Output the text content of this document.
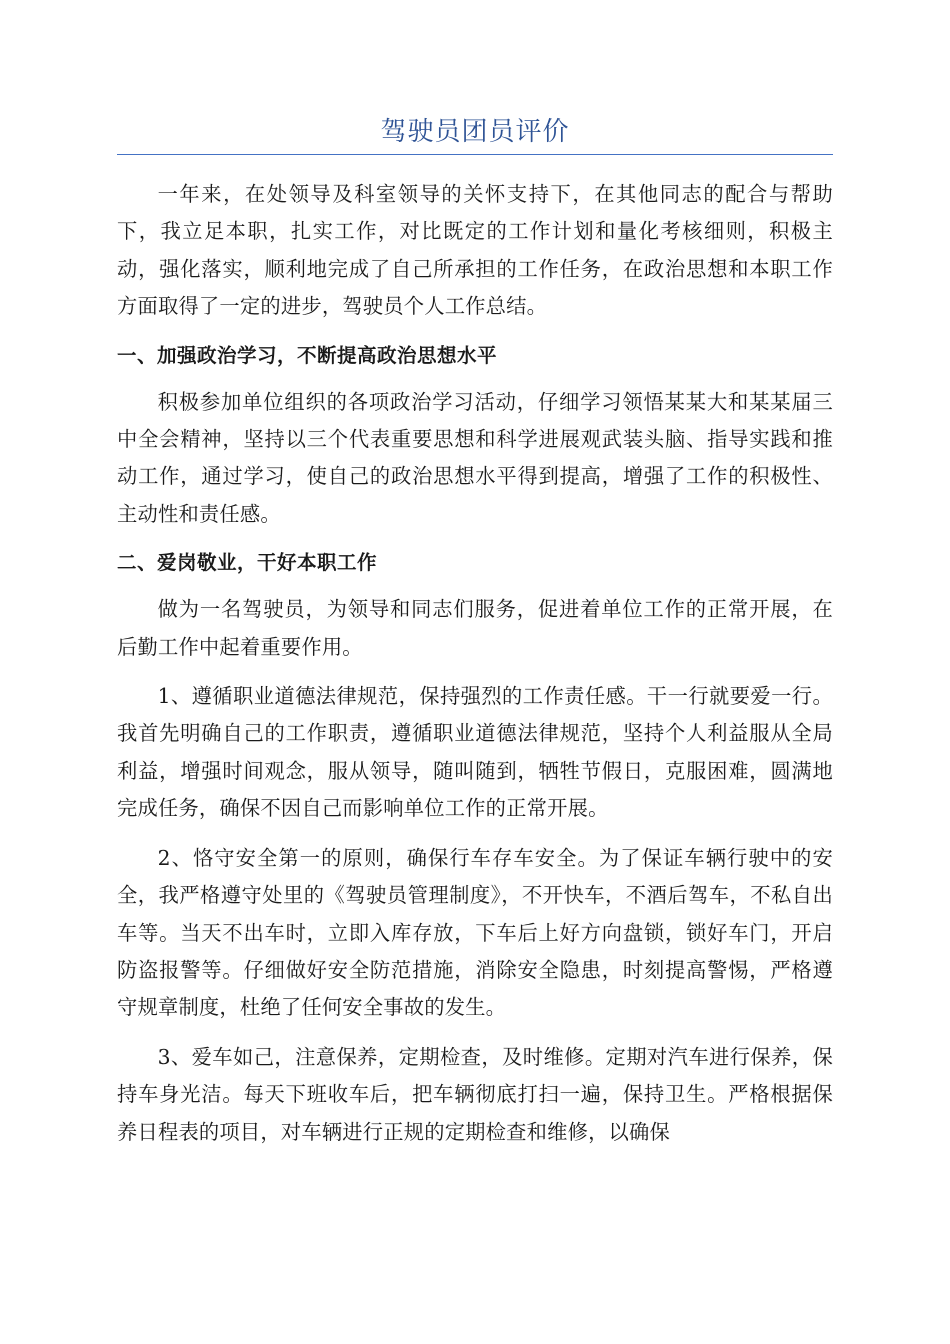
驾驶员团员评价

一年来，在处领导及科室领导的关怀支持下，在其他同志的配合与帮助下，我立足本职，扎实工作，对比既定的工作计划和量化考核细则，积极主动，强化落实，顺利地完成了自己所承担的工作任务，在政治思想和本职工作方面取得了一定的进步，驾驶员个人工作总结。

一、加强政治学习，不断提高政治思想水平

积极参加单位组织的各项政治学习活动，仔细学习领悟某某大和某某届三中全会精神，坚持以三个代表重要思想和科学进展观武装头脑、指导实践和推动工作，通过学习，使自己的政治思想水平得到提高，增强了工作的积极性、主动性和责任感。

二、爱岗敬业，干好本职工作

做为一名驾驶员，为领导和同志们服务，促进着单位工作的正常开展，在后勤工作中起着重要作用。

1、遵循职业道德法律规范，保持强烈的工作责任感。干一行就要爱一行。我首先明确自己的工作职责，遵循职业道德法律规范，坚持个人利益服从全局利益，增强时间观念，服从领导，随叫随到，牺牲节假日，克服困难，圆满地完成任务，确保不因自己而影响单位工作的正常开展。

2、恪守安全第一的原则，确保行车存车安全。为了保证车辆行驶中的安全，我严格遵守处里的《驾驶员管理制度》，不开快车，不酒后驾车，不私自出车等。当天不出车时，立即入库存放，下车后上好方向盘锁，锁好车门，开启防盗报警等。仔细做好安全防范措施，消除安全隐患，时刻提高警惕，严格遵守规章制度，杜绝了任何安全事故的发生。

3、爱车如己，注意保养，定期检查，及时维修。定期对汽车进行保养，保持车身光洁。每天下班收车后，把车辆彻底打扫一遍，保持卫生。严格根据保养日程表的项目，对车辆进行正规的定期检查和维修，以确保
